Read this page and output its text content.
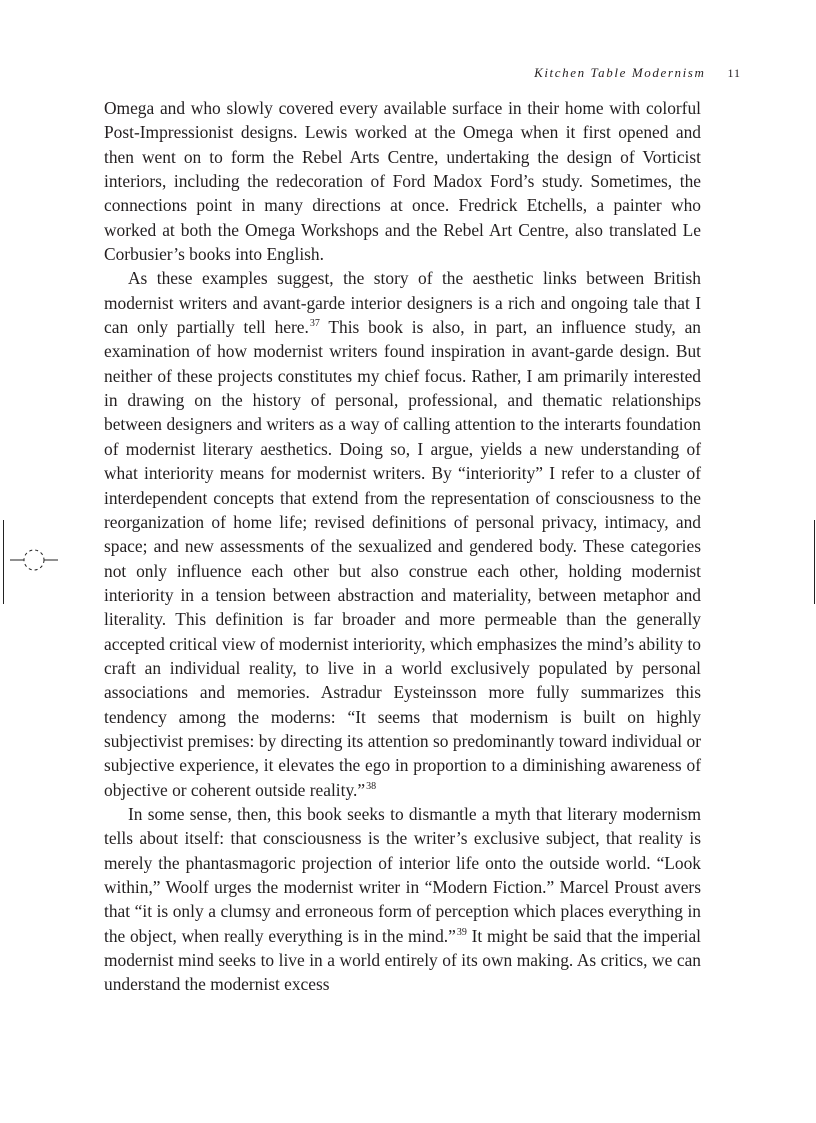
Kitchen Table Modernism 11

Omega and who slowly covered every available surface in their home with colorful Post-Impressionist designs. Lewis worked at the Omega when it first opened and then went on to form the Rebel Arts Centre, undertaking the design of Vorticist interiors, including the redecoration of Ford Madox Ford’s study. Sometimes, the connections point in many directions at once. Fredrick Etchells, a painter who worked at both the Omega Workshops and the Rebel Art Centre, also translated Le Corbusier’s books into English.

As these examples suggest, the story of the aesthetic links between British modernist writers and avant-garde interior designers is a rich and ongoing tale that I can only partially tell here.$^{37}$ This book is also, in part, an influence study, an examination of how modernist writers found inspiration in avant-garde design. But neither of these projects constitutes my chief focus. Rather, I am primarily interested in drawing on the history of personal, professional, and thematic relationships between designers and writers as a way of calling attention to the interarts foundation of modernist literary aesthetics. Doing so, I argue, yields a new understanding of what interiority means for modernist writers. By “interiority” I refer to a cluster of interdependent concepts that extend from the representation of consciousness to the reorganization of home life; revised definitions of personal privacy, intimacy, and space; and new assessments of the sexualized and gendered body. These categories not only influence each other but also construe each other, holding modernist interiority in a tension between abstraction and materiality, between metaphor and literality. This definition is far broader and more permeable than the generally accepted critical view of modernist interiority, which emphasizes the mind’s ability to craft an individual reality, to live in a world exclusively populated by personal associations and memories. Astradur Eysteinsson more fully summarizes this tendency among the moderns: “It seems that modernism is built on highly subjectivist premises: by directing its attention so predominantly toward individual or subjective experience, it elevates the ego in proportion to a diminishing awareness of objective or coherent outside reality.”$^{38}$

In some sense, then, this book seeks to dismantle a myth that literary modernism tells about itself: that consciousness is the writer’s exclusive subject, that reality is merely the phantasmagoric projection of interior life onto the outside world. “Look within,” Woolf urges the modernist writer in “Modern Fiction.” Marcel Proust avers that “it is only a clumsy and erroneous form of perception which places everything in the object, when really everything is in the mind.”$^{39}$ It might be said that the imperial modernist mind seeks to live in a world entirely of its own making. As critics, we can understand the modernist excess
